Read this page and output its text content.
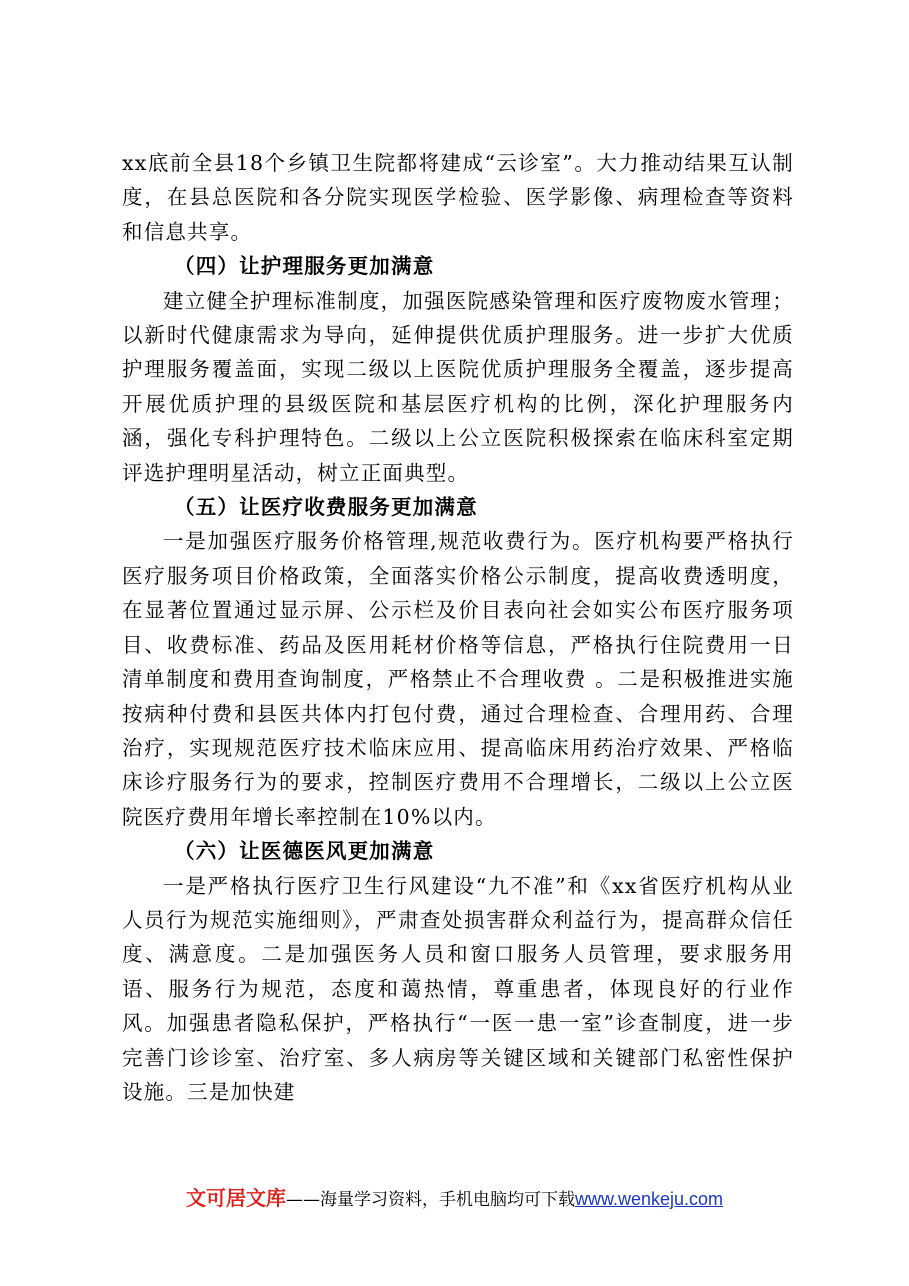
xx底前全县18个乡镇卫生院都将建成“云诊室”。大力推动结果互认制度，在县总医院和各分院实现医学检验、医学影像、病理检查等资料和信息共享。

（四）让护理服务更加满意

建立健全护理标准制度，加强医院感染管理和医疗废物废水管理；以新时代健康需求为导向，延伸提供优质护理服务。进一步扩大优质护理服务覆盖面，实现二级以上医院优质护理服务全覆盖，逐步提高开展优质护理的县级医院和基层医疗机构的比例，深化护理服务内涵，强化专科护理特色。二级以上公立医院积极探索在临床科室定期评选护理明星活动，树立正面典型。

（五）让医疗收费服务更加满意

一是加强医疗服务价格管理,规范收费行为。医疗机构要严格执行医疗服务项目价格政策，全面落实价格公示制度，提高收费透明度，在显著位置通过显示屏、公示栏及价目表向社会如实公布医疗服务项目、收费标准、药品及医用耗材价格等信息，严格执行住院费用一日清单制度和费用查询制度，严格禁止不合理收费 。二是积极推进实施按病种付费和县医共体内打包付费，通过合理检查、合理用药、合理治疗，实现规范医疗技术临床应用、提高临床用药治疗效果、严格临床诊疗服务行为的要求，控制医疗费用不合理增长，二级以上公立医院医疗费用年增长率控制在10%以内。

（六）让医德医风更加满意

一是严格执行医疗卫生行风建设“九不准”和《xx省医疗机构从业人员行为规范实施细则》，严肃查处损害群众利益行为，提高群众信任度、满意度。二是加强医务人员和窗口服务人员管理，要求服务用语、服务行为规范，态度和蔼热情，尊重患者，体现良好的行业作风。加强患者隐私保护，严格执行“一医一患一室”诊查制度，进一步完善门诊诊室、治疗室、多人病房等关键区域和关键部门私密性保护设施。三是加快建

文可居文库——海量学习资料，手机电脑均可下载www.wenkeju.com
